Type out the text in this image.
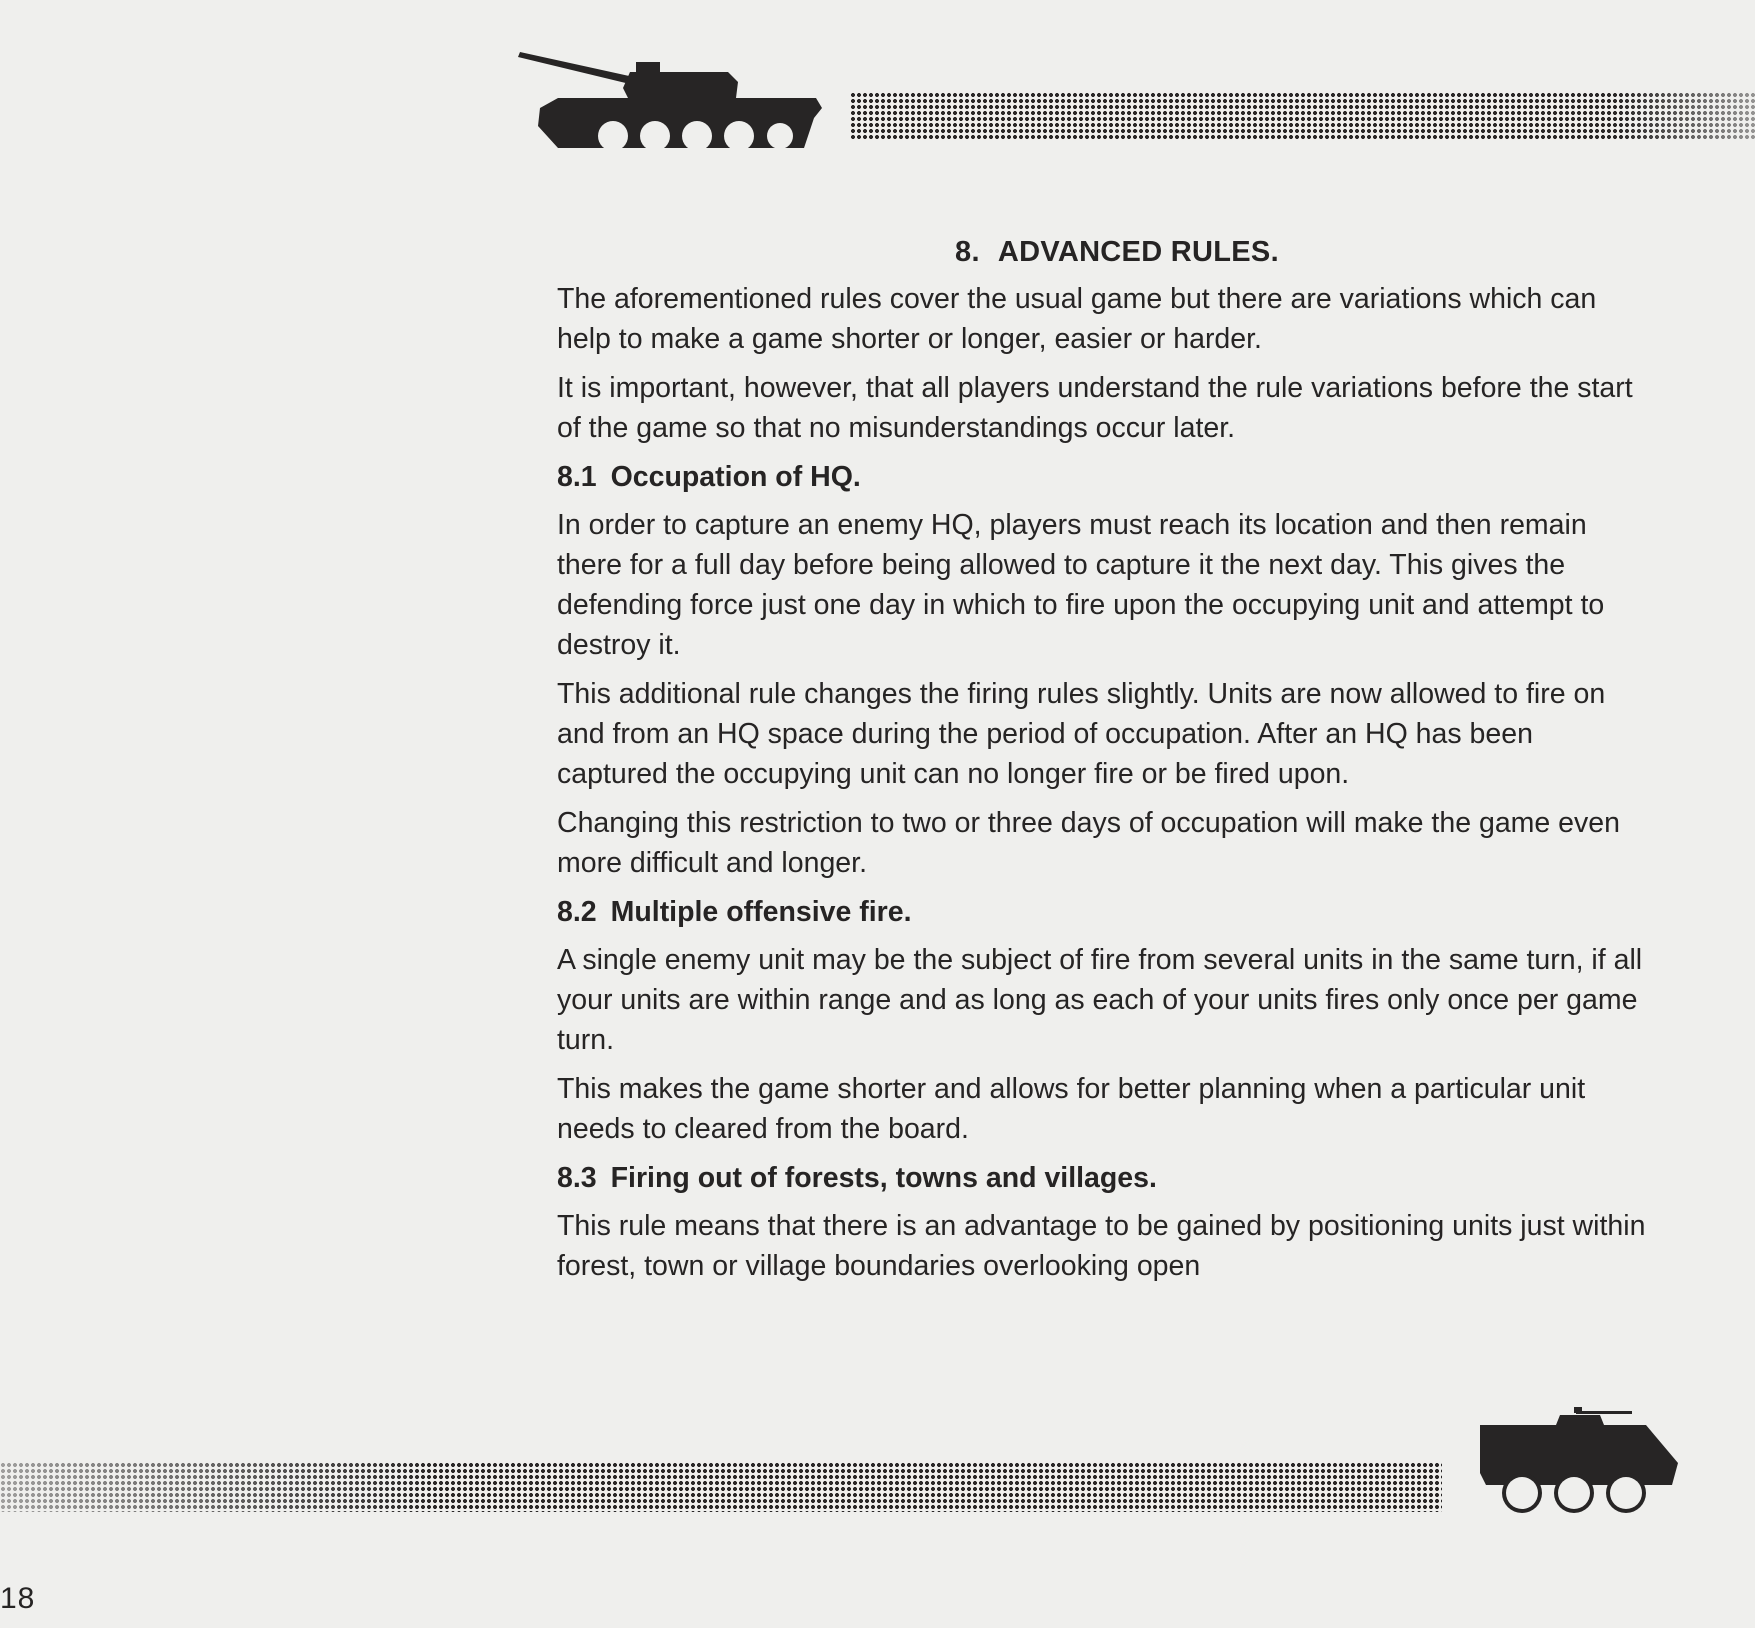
8. ADVANCED RULES.

The aforementioned rules cover the usual game but there are variations which can help to make a game shorter or longer, easier or harder.

It is important, however, that all players understand the rule variations before the start of the game so that no misunderstandings occur later.

8.1 Occupation of HQ.

In order to capture an enemy HQ, players must reach its location and then remain there for a full day before being allowed to capture it the next day. This gives the defending force just one day in which to fire upon the occupying unit and attempt to destroy it.

This additional rule changes the firing rules slightly. Units are now allowed to fire on and from an HQ space during the period of occupation. After an HQ has been captured the occupying unit can no longer fire or be fired upon.

Changing this restriction to two or three days of occupation will make the game even more difficult and longer.

8.2 Multiple offensive fire.

A single enemy unit may be the subject of fire from several units in the same turn, if all your units are within range and as long as each of your units fires only once per game turn.

This makes the game shorter and allows for better planning when a particular unit needs to cleared from the board.

8.3 Firing out of forests, towns and villages.

This rule means that there is an advantage to be gained by positioning units just within forest, town or village boundaries overlooking open

18
